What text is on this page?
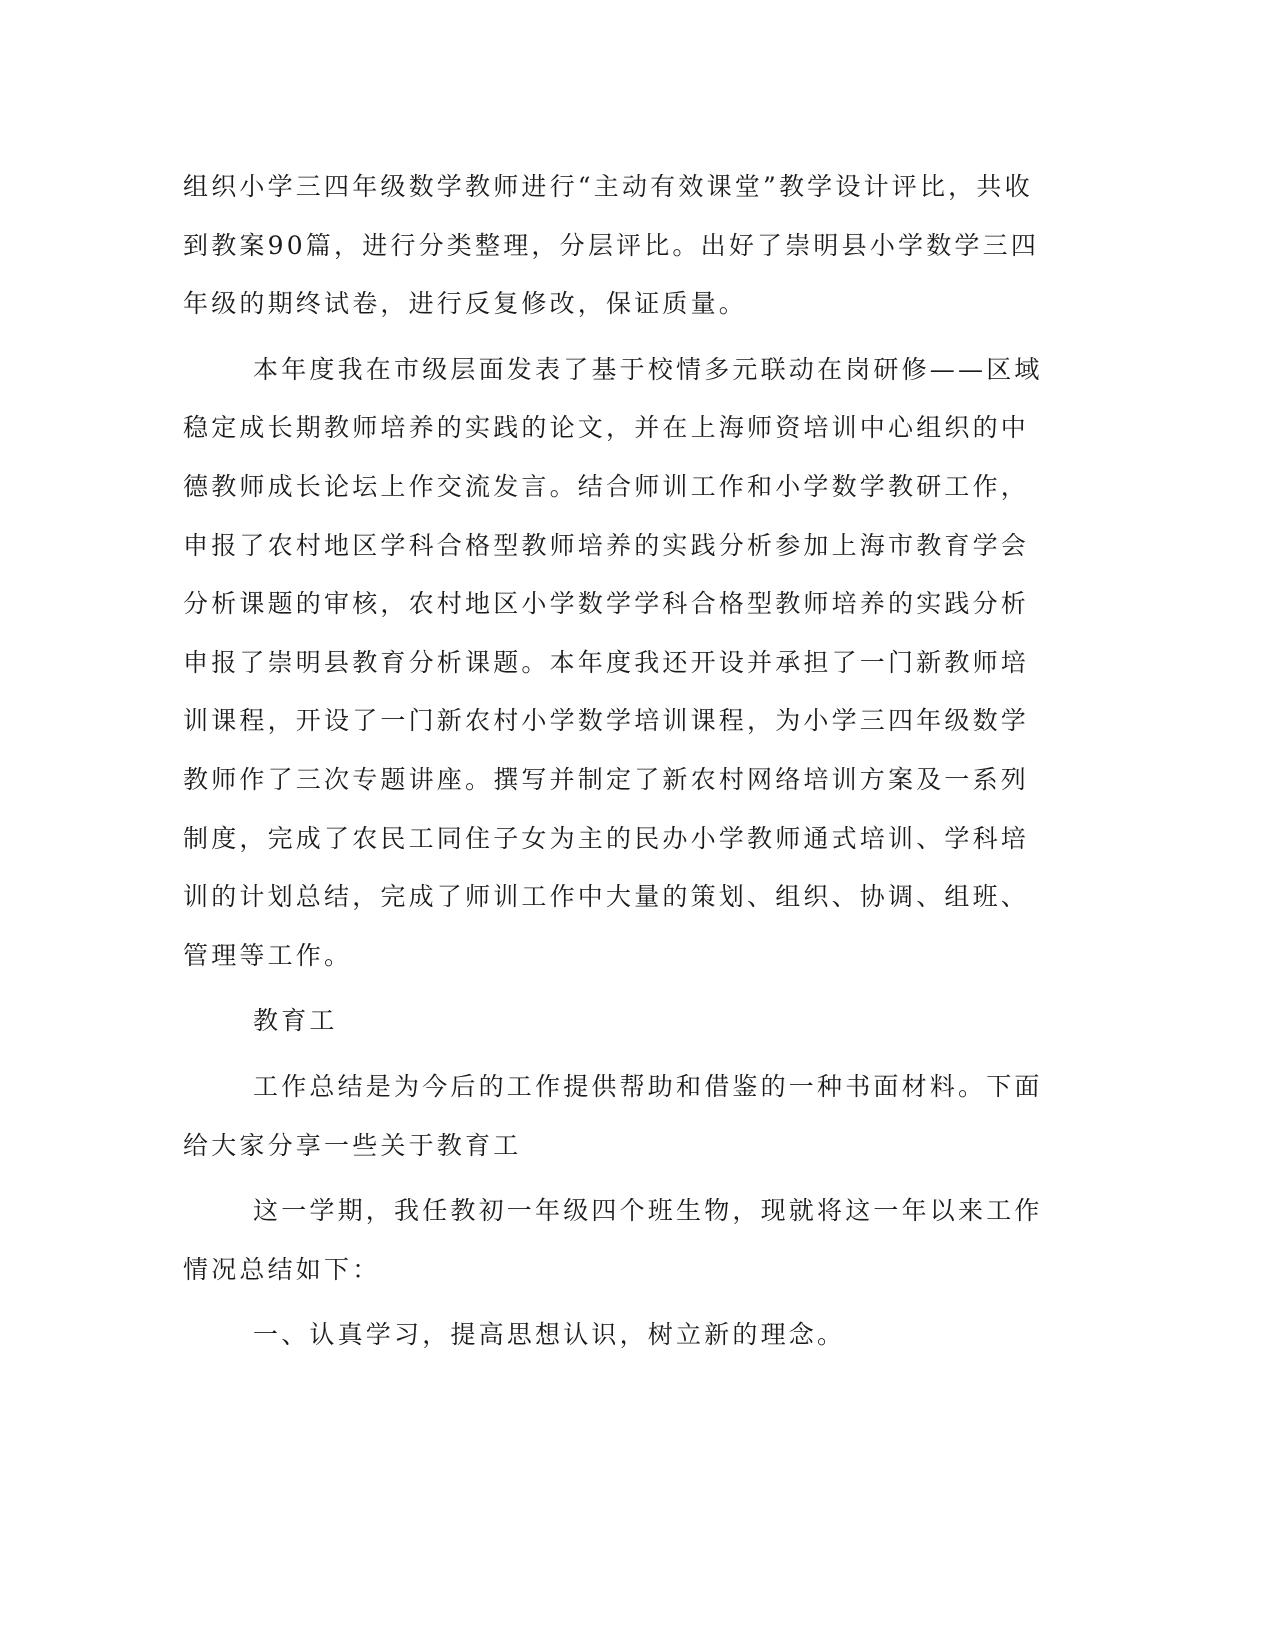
组织小学三四年级数学教师进行“主动有效课堂”教学设计评比，共收
到教案90篇，进行分类整理，分层评比。出好了崇明县小学数学三四
年级的期终试卷，进行反复修改，保证质量。
本年度我在市级层面发表了基于校情多元联动在岗研修——区域
稳定成长期教师培养的实践的论文，并在上海师资培训中心组织的中
德教师成长论坛上作交流发言。结合师训工作和小学数学教研工作，
申报了农村地区学科合格型教师培养的实践分析参加上海市教育学会
分析课题的审核，农村地区小学数学学科合格型教师培养的实践分析
申报了崇明县教育分析课题。本年度我还开设并承担了一门新教师培
训课程，开设了一门新农村小学数学培训课程，为小学三四年级数学
教师作了三次专题讲座。撰写并制定了新农村网络培训方案及一系列
制度，完成了农民工同住子女为主的民办小学教师通式培训、学科培
训的计划总结，完成了师训工作中大量的策划、组织、协调、组班、
管理等工作。
教育工
工作总结是为今后的工作提供帮助和借鉴的一种书面材料。下面
给大家分享一些关于教育工
这一学期，我任教初一年级四个班生物，现就将这一年以来工作
情况总结如下：
一、认真学习，提高思想认识，树立新的理念。
